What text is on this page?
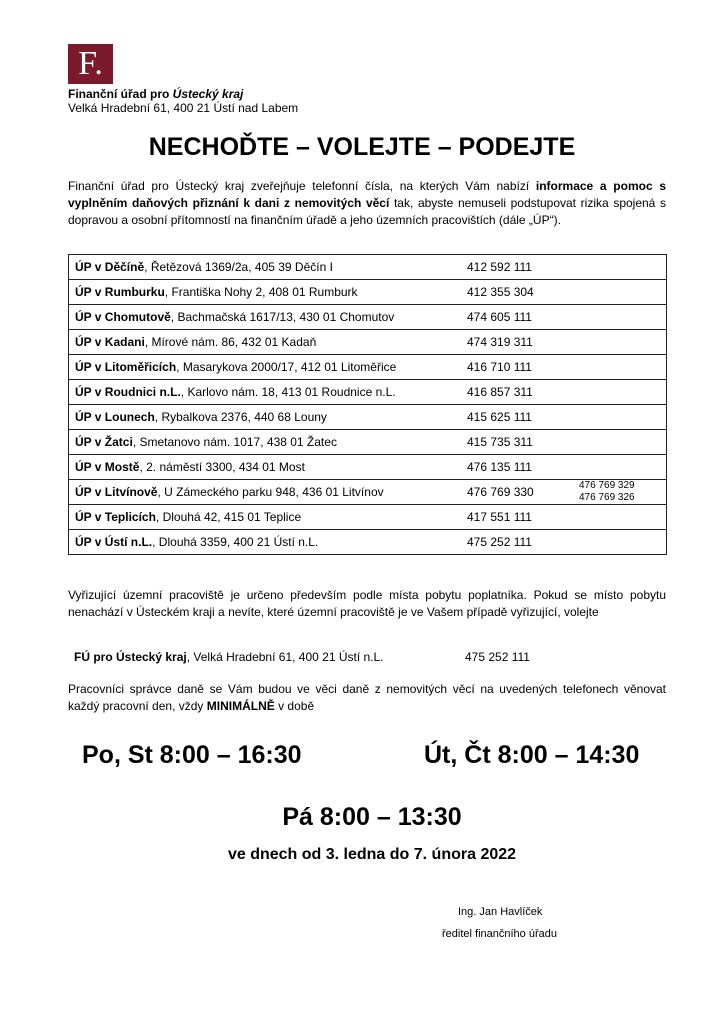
F.
Finanční úřad pro Ústecký kraj
Velká Hradební 61, 400 21 Ústí nad Labem
NECHOĎTE – VOLEJTE – PODEJTE
Finanční úřad pro Ústecký kraj zveřejňuje telefonní čísla, na kterých Vám nabízí informace a pomoc s vyplněním daňových přiznání k dani z nemovitých věcí tak, abyste nemuseli podstupovat rizika spojená s dopravou a osobní přítomností na finančním úřadě a jeho územních pracovištích (dále „ÚP“).
ÚP v Děčíně, Řetězová 1369/2a, 405 39 Děčín I	412 592 111	

ÚP v Rumburku, Františka Nohy 2, 408 01 Rumburk	412 355 304	

ÚP v Chomutově, Bachmačská 1617/13, 430 01 Chomutov	474 605 111	

ÚP v Kadani, Mírové nám. 86, 432 01 Kadaň	474 319 311	

ÚP v Litoměřicích, Masarykova 2000/17, 412 01 Litoměřice	416 710 111	

ÚP v Roudnici n.L., Karlovo nám. 18, 413 01 Roudnice n.L.	416 857 311	

ÚP v Lounech, Rybalkova 2376, 440 68 Louny	415 625 111	

ÚP v Žatci, Smetanovo nám. 1017, 438 01 Žatec	415 735 311	

ÚP v Mostě, 2. náměstí 3300, 434 01 Most	476 135 111	

ÚP v Litvínově, U Zámeckého parku 948, 436 01 Litvínov	476 769 330	476 769 329
476 769 326

ÚP v Teplicích, Dlouhá 42, 415 01 Teplice	417 551 111	

ÚP v Ústí n.L., Dlouhá 3359, 400 21 Ústí n.L.	475 252 111	
Vyřizující územní pracoviště je určeno především podle místa pobytu poplatníka. Pokud se místo pobytu nenachází v Ústeckém kraji a nevíte, které územní pracoviště je ve Vašem případě vyřizující, volejte
FÚ pro Ústecký kraj, Velká Hradební 61, 400 21 Ústí n.L.	475 252 111
Pracovníci správce daně se Vám budou ve věci daně z nemovitých věcí na uvedených telefonech věnovat každý pracovní den, vždy MINIMÁLNĚ v době
Po, St 8:00 – 16:30	Út, Čt 8:00 – 14:30
Pá 8:00 – 13:30
ve dnech od 3. ledna do 7. února 2022
Ing. Jan Havlíček
ředitel finančního úřadu
